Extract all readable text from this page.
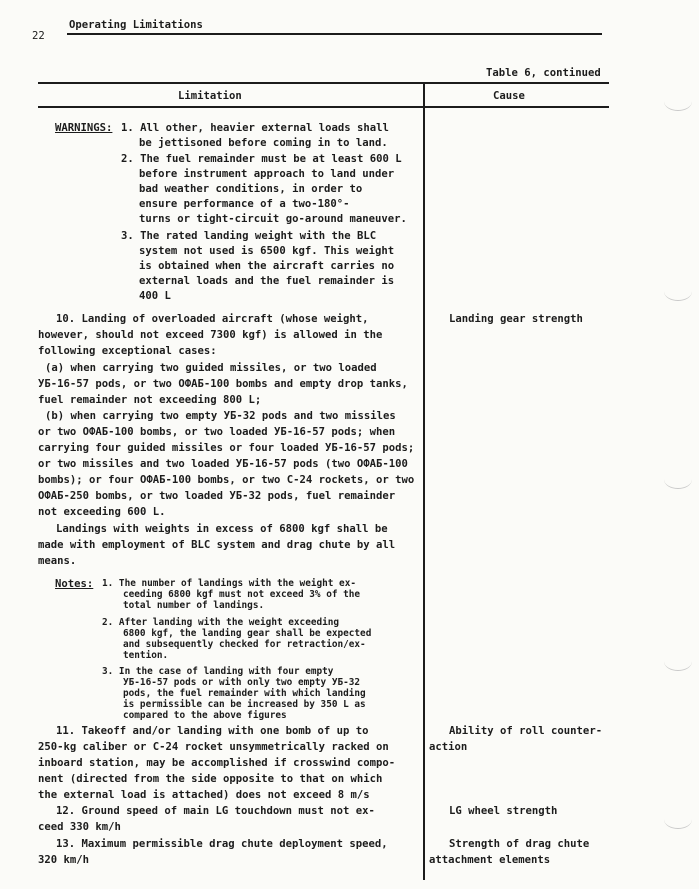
22
Operating Limitations
Table 6, continued
Limitation	Cause
WARNINGS: 1. All other, heavier external loads shall
be jettisoned before coming in to land.
2. The fuel remainder must be at least 600 L
before instrument approach to land under
bad weather conditions, in order to
ensure performance of a two-180°-
turns or tight-circuit go-around maneuver.
3. The rated landing weight with the BLC
system not used is 6500 kgf. This weight
is obtained when the aircraft carries no
external loads and the fuel remainder is
400 L
10. Landing of overloaded aircraft (whose weight,
however, should not exceed 7300 kgf) is allowed in the
following exceptional cases:
(a) when carrying two guided missiles, or two loaded
УБ-16-57 pods, or two ОФАБ-100 bombs and empty drop tanks,
fuel remainder not exceeding 800 L;
(b) when carrying two empty УБ-32 pods and two missiles
or two ОФАБ-100 bombs, or two loaded УБ-16-57 pods; when
carrying four guided missiles or four loaded УБ-16-57 pods;
or two missiles and two loaded УБ-16-57 pods (two ОФАБ-100
bombs); or four ОФАБ-100 bombs, or two С-24 rockets, or two
ОФАБ-250 bombs, or two loaded УБ-32 pods, fuel remainder
not exceeding 600 L.
Landings with weights in excess of 6800 kgf shall be
made with employment of BLC system and drag chute by all
means.
Landing gear strength
Notes: 1. The number of landings with the weight ex-
ceeding 6800 kgf must not exceed 3% of the
total number of landings.
2. After landing with the weight exceeding
6800 kgf, the landing gear shall be expected
and subsequently checked for retraction/ex-
tention.
3. In the case of landing with four empty
УБ-16-57 pods or with only two empty УБ-32
pods, the fuel remainder with which landing
is permissible can be increased by 350 L as
compared to the above figures
11. Takeoff and/or landing with one bomb of up to
250-kg caliber or С-24 rocket unsymmetrically racked on
inboard station, may be accomplished if crosswind compo-
nent (directed from the side opposite to that on which
the external load is attached) does not exceed 8 m/s
Ability of roll counter-
action
12. Ground speed of main LG touchdown must not ex-
ceed 330 km/h
LG wheel strength
13. Maximum permissible drag chute deployment speed,
320 km/h
Strength of drag chute
attachment elements
